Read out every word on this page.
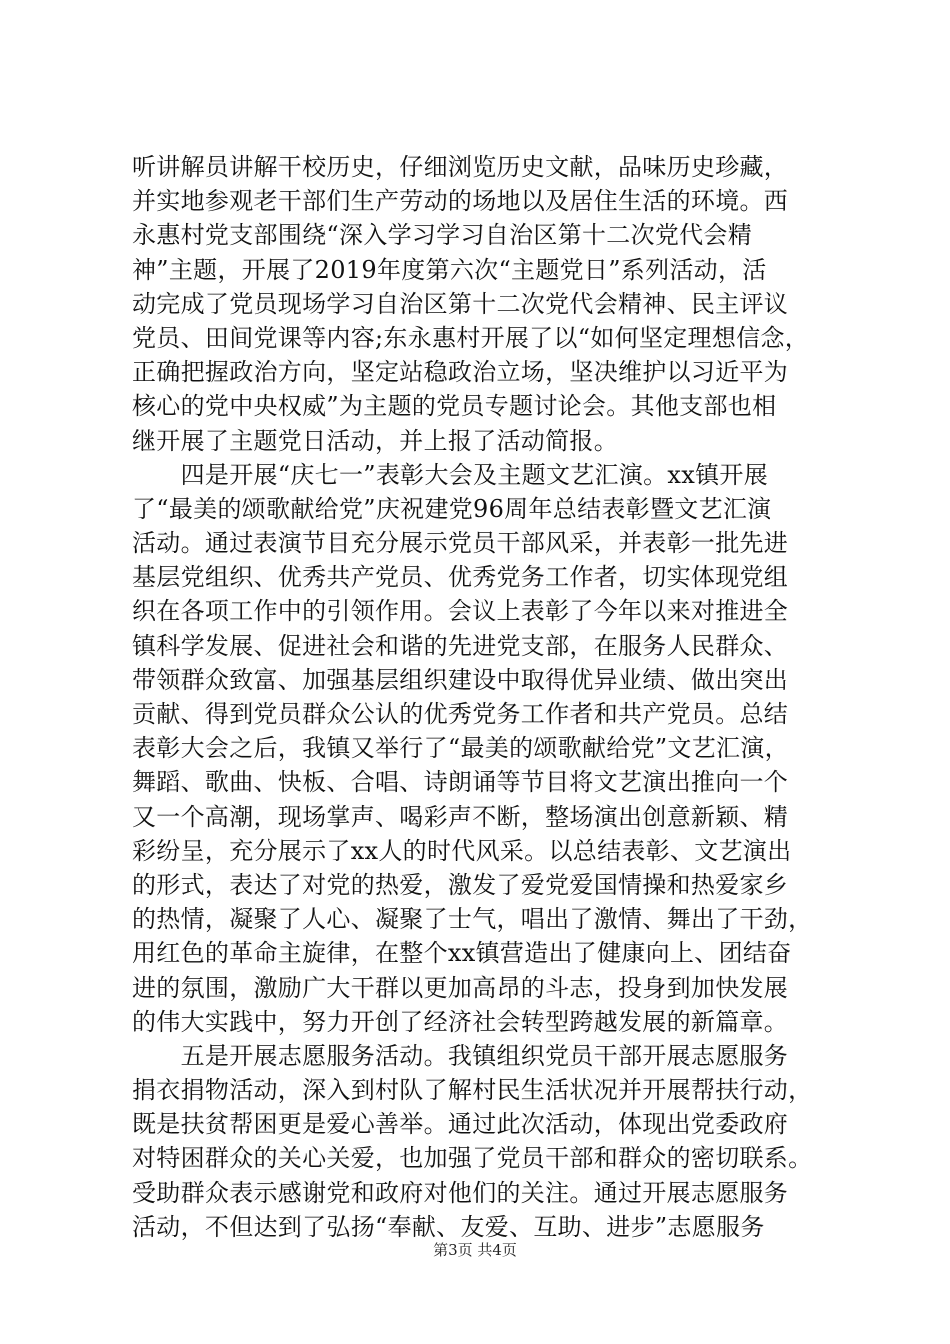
听讲解员讲解干校历史，仔细浏览历史文献，品味历史珍藏，
并实地参观老干部们生产劳动的场地以及居住生活的环境。西
永惠村党支部围绕“深入学习学习自治区第十二次党代会精
神”主题，开展了2019年度第六次“主题党日”系列活动，活
动完成了党员现场学习自治区第十二次党代会精神、民主评议
党员、田间党课等内容;东永惠村开展了以“如何坚定理想信念，
正确把握政治方向，坚定站稳政治立场，坚决维护以习近平为
核心的党中央权威”为主题的党员专题讨论会。其他支部也相
继开展了主题党日活动，并上报了活动简报。
　　四是开展“庆七一”表彰大会及主题文艺汇演。xx镇开展
了“最美的颂歌献给党”庆祝建党96周年总结表彰暨文艺汇演
活动。通过表演节目充分展示党员干部风采，并表彰一批先进
基层党组织、优秀共产党员、优秀党务工作者，切实体现党组
织在各项工作中的引领作用。会议上表彰了今年以来对推进全
镇科学发展、促进社会和谐的先进党支部，在服务人民群众、
带领群众致富、加强基层组织建设中取得优异业绩、做出突出
贡献、得到党员群众公认的优秀党务工作者和共产党员。总结
表彰大会之后，我镇又举行了“最美的颂歌献给党”文艺汇演，
舞蹈、歌曲、快板、合唱、诗朗诵等节目将文艺演出推向一个
又一个高潮，现场掌声、喝彩声不断，整场演出创意新颖、精
彩纷呈，充分展示了xx人的时代风采。以总结表彰、文艺演出
的形式，表达了对党的热爱，激发了爱党爱国情操和热爱家乡
的热情，凝聚了人心、凝聚了士气，唱出了激情、舞出了干劲，
用红色的革命主旋律，在整个xx镇营造出了健康向上、团结奋
进的氛围，激励广大干群以更加高昂的斗志，投身到加快发展
的伟大实践中，努力开创了经济社会转型跨越发展的新篇章。
　　五是开展志愿服务活动。我镇组织党员干部开展志愿服务
捐衣捐物活动，深入到村队了解村民生活状况并开展帮扶行动，
既是扶贫帮困更是爱心善举。通过此次活动，体现出党委政府
对特困群众的关心关爱，也加强了党员干部和群众的密切联系。
受助群众表示感谢党和政府对他们的关注。通过开展志愿服务
活动，不但达到了弘扬“奉献、友爱、互助、进步”志愿服务
第3页 共4页
